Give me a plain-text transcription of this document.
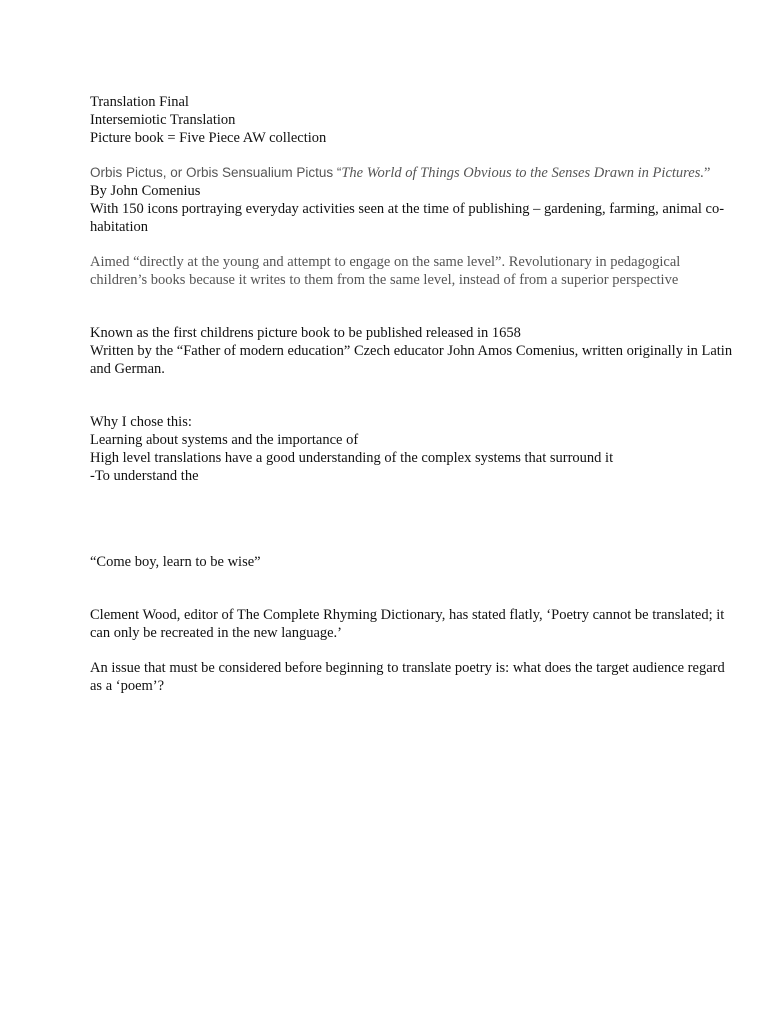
Translation Final
Intersemiotic Translation
Picture book = Five Piece AW collection
Orbis Pictus, or Orbis Sensualium Pictus “The World of Things Obvious to the Senses Drawn in Pictures.”
By John Comenius
With 150 icons portraying everyday activities seen at the time of publishing – gardening, farming, animal co-habitation
Aimed “directly at the young and attempt to engage on the same level”. Revolutionary in pedagogical children’s books because it writes to them from the same level, instead of from a superior perspective
Known as the first childrens picture book to be published released in 1658
Written by the “Father of modern education” Czech educator John Amos Comenius, written originally in Latin and German.
Why I chose this:
Learning about systems and the importance of
High level translations have a good understanding of the complex systems that surround it
-To understand the
“Come boy, learn to be wise”
Clement Wood, editor of The Complete Rhyming Dictionary, has stated flatly, ‘Poetry cannot be translated; it can only be recreated in the new language.’
An issue that must be considered before beginning to translate poetry is: what does the target audience regard as a ‘poem’?
